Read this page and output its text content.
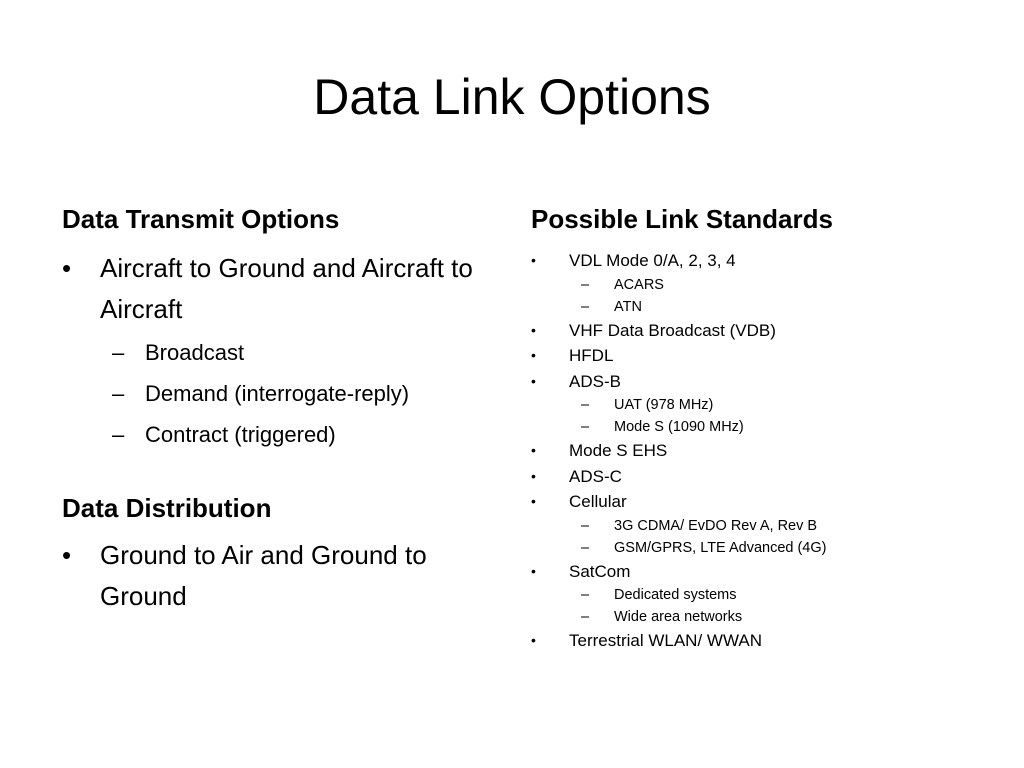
Data Link Options
Data Transmit Options
• Aircraft to Ground and Aircraft to Aircraft
– Broadcast
– Demand (interrogate-reply)
– Contract (triggered)
Data Distribution
• Ground to Air and Ground to Ground
Possible Link Standards
• VDL Mode 0/A, 2, 3, 4
– ACARS
– ATN
• VHF Data Broadcast (VDB)
• HFDL
• ADS-B
– UAT (978 MHz)
– Mode S (1090 MHz)
• Mode S EHS
• ADS-C
• Cellular
– 3G CDMA/ EvDO Rev A, Rev B
– GSM/GPRS, LTE Advanced (4G)
• SatCom
– Dedicated systems
– Wide area networks
• Terrestrial WLAN/ WWAN
